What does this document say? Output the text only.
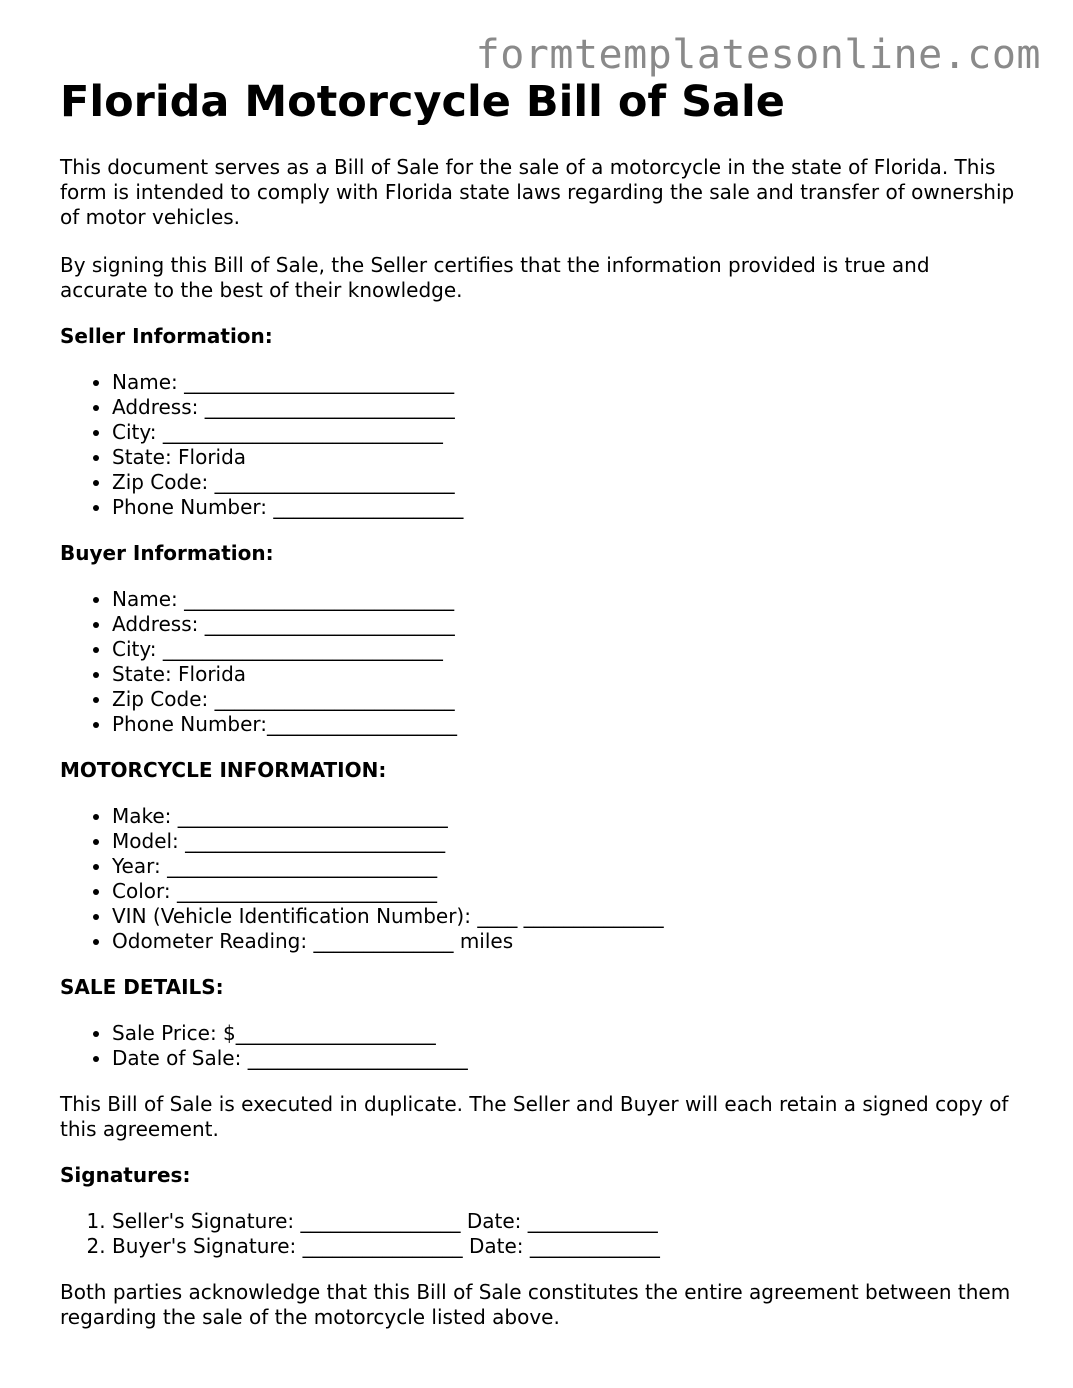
formtemplatesonline.com
Florida Motorcycle Bill of Sale

This document serves as a Bill of Sale for the sale of a motorcycle in the state of Florida. This form is intended to comply with Florida state laws regarding the sale and transfer of ownership of motor vehicles.

By signing this Bill of Sale, the Seller certifies that the information provided is true and accurate to the best of their knowledge.

Seller Information:
• Name: ___________________________
• Address: _________________________
• City: ____________________________
• State: Florida
• Zip Code: ________________________
• Phone Number: ___________________
Buyer Information:
• Name: ___________________________
• Address: _________________________
• City: ____________________________
• State: Florida
• Zip Code: ________________________
• Phone Number:___________________
MOTORCYCLE INFORMATION:
• Make: ___________________________
• Model: __________________________
• Year: ___________________________
• Color: __________________________
• VIN (Vehicle Identification Number): ____ ______________
• Odometer Reading: ______________ miles
SALE DETAILS:
• Sale Price: $____________________
• Date of Sale: ______________________

This Bill of Sale is executed in duplicate. The Seller and Buyer will each retain a signed copy of this agreement.

Signatures:
1. Seller's Signature: ________________ Date: _____________
2. Buyer's Signature: ________________ Date: _____________

Both parties acknowledge that this Bill of Sale constitutes the entire agreement between them regarding the sale of the motorcycle listed above.
